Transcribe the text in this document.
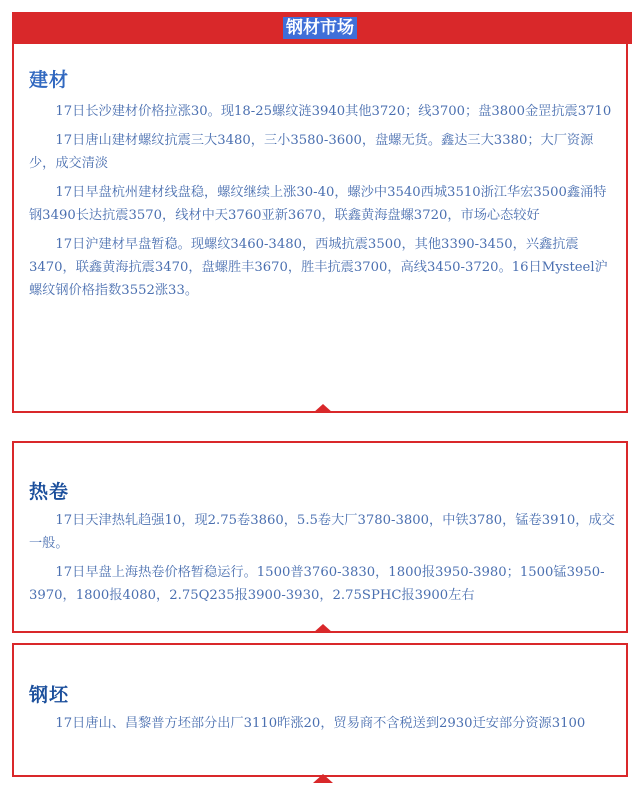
钢材市场
建材

17日长沙建材价格拉涨30。现18-25螺纹涟3940其他3720；线3700；盘3800金罡抗震3710

17日唐山建材螺纹抗震三大3480，三小3580-3600，盘螺无货。鑫达三大3380；大厂资源少，成交清淡

17日早盘杭州建材线盘稳，螺纹继续上涨30-40，螺沙中3540西城3510浙江华宏3500鑫涌特钢3490长达抗震3570，线材中天3760亚新3670，联鑫黄海盘螺3720，市场心态较好

17日沪建材早盘暂稳。现螺纹3460-3480，西城抗震3500，其他3390-3450，兴鑫抗震3470，联鑫黄海抗震3470，盘螺胜丰3670，胜丰抗震3700，高线3450-3720。16日Mysteel沪螺纹钢价格指数3552涨33。

热卷

17日天津热轧趋强10，现2.75卷3860，5.5卷大厂3780-3800，中铁3780，锰卷3910，成交一般。

17日早盘上海热卷价格暂稳运行。1500普3760-3830，1800报3950-3980；1500锰3950-3970，1800报4080，2.75Q235报3900-3930，2.75SPHC报3900左右

钢坯

17日唐山、昌黎普方坯部分出厂3110昨涨20，贸易商不含税送到2930迁安部分资源3100
